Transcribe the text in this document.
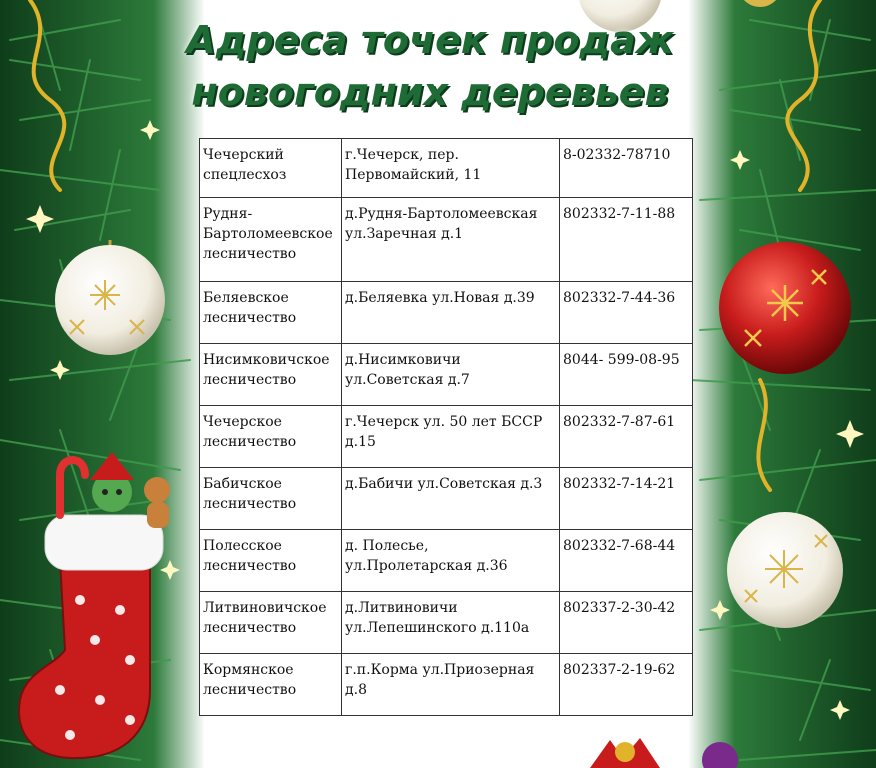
Адреса точек продаж
новогодних деревьев
Чечерский спецлесхоз	г.Чечерск, пер. Первомайский, 11	8-02332-78710
Рудня-Бартоломеевское лесничество	д.Рудня-Бартоломеевская ул.Заречная д.1	802332-7-11-88
Беляевское лесничество	д.Беляевка ул.Новая д.39	802332-7-44-36
Нисимковичское лесничество	д.Нисимковичи ул.Советская д.7	8044- 599-08-95
Чечерское лесничество	г.Чечерск ул. 50 лет БССР д.15	802332-7-87-61
Бабичское лесничество	д.Бабичи ул.Советская д.3	802332-7-14-21
Полесское лесничество	д. Полесье, ул.Пролетарская д.36	802332-7-68-44
Литвиновичское лесничество	д.Литвиновичи ул.Лепешинского д.110а	802337-2-30-42
Кормянское лесничество	г.п.Корма ул.Приозерная д.8	802337-2-19-62
